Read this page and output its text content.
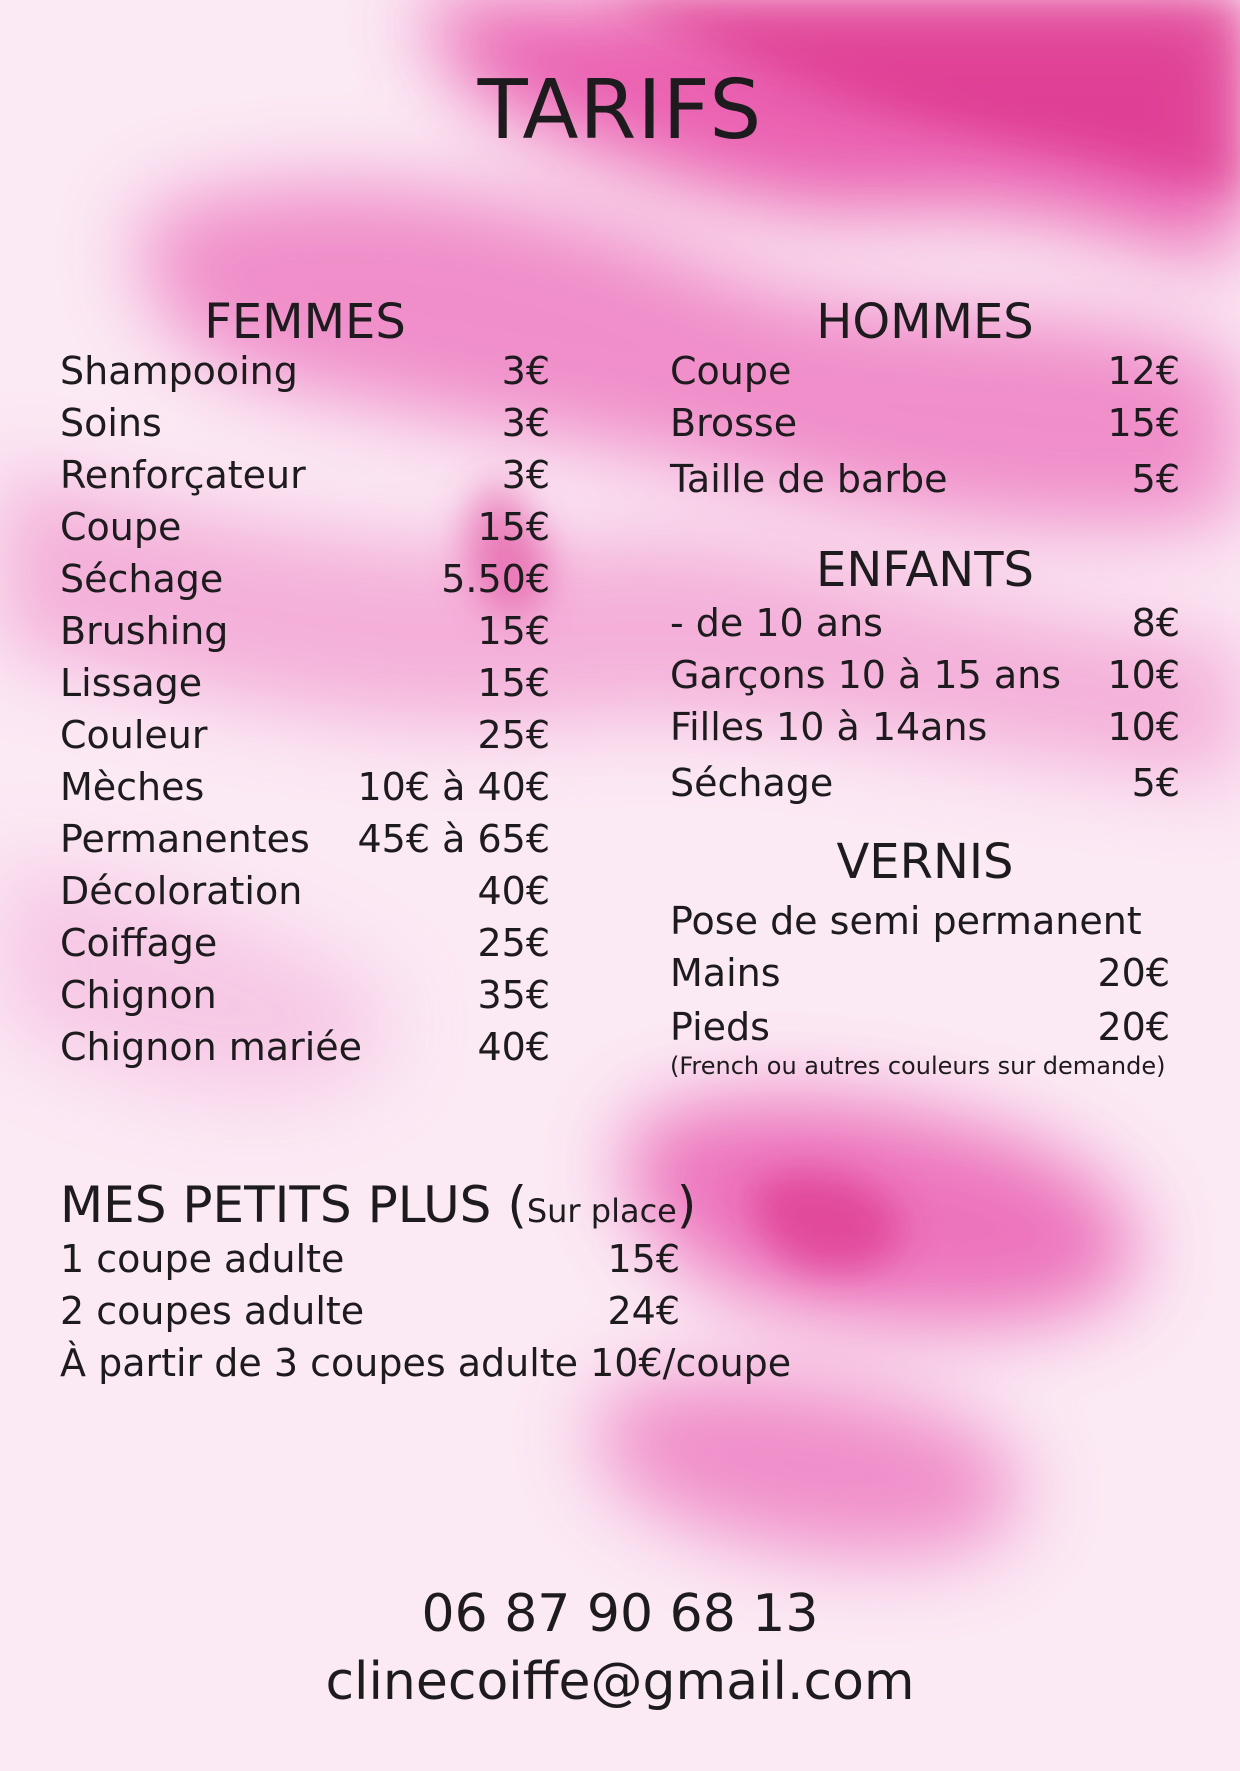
TARIFS
FEMMES
Shampooing	3€
Soins	3€
Renforçateur	3€
Coupe	15€
Séchage	5.50€
Brushing	15€
Lissage	15€
Couleur	25€
Mèches	10€ à 40€
Permanentes 45€ à 65€
Décoloration	40€
Coiffage	25€
Chignon	35€
Chignon mariée	40€
HOMMES
Coupe	12€
Brosse	15€
Taille de barbe	5€
ENFANTS
- de 10 ans	8€
Garçons 10 à 15 ans 10€
Filles 10 à 14ans	10€
Séchage	5€
VERNIS
Pose de semi permanent
Mains	20€
Pieds	20€
(French ou autres couleurs sur demande)
MES PETITS PLUS (Sur place)
1 coupe adulte	15€
2 coupes adulte	24€
À partir de 3 coupes adulte 10€/coupe
06 87 90 68 13
clinecoiffe@gmail.com
